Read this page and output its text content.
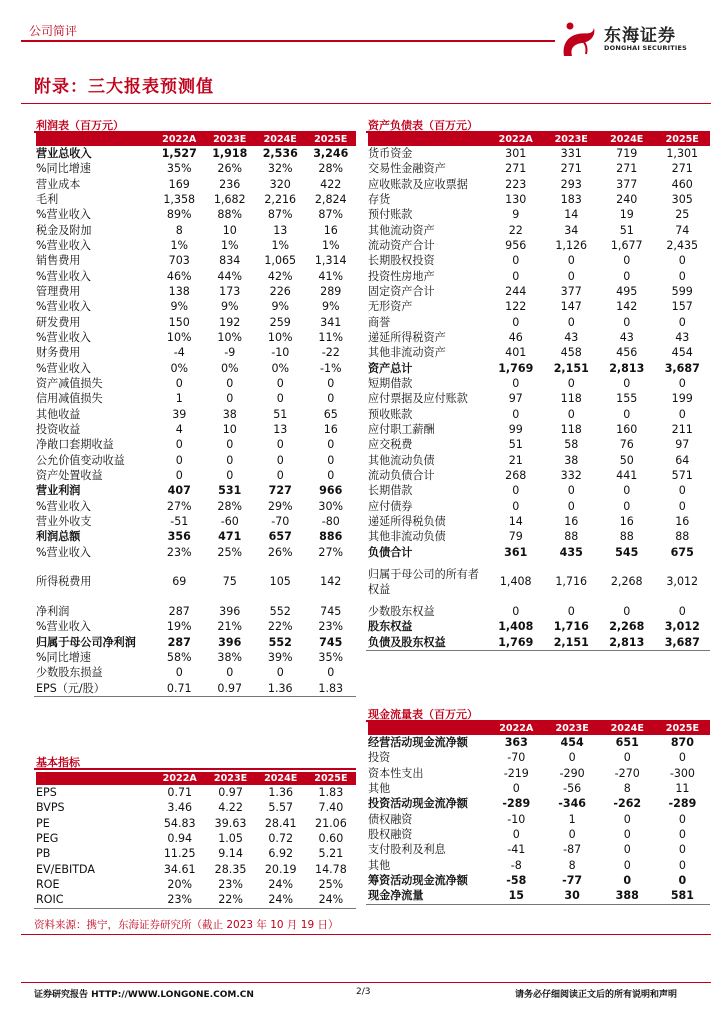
公司简评	东海证券
DONGHAI SECURITIES
附录：三大报表预测值
利润表（百万元）
	2022A	2023E	2024E	2025E
营业总收入	1,527	1,918	2,536	3,246
%同比增速	35%	26%	32%	28%
营业成本	169	236	320	422
毛利	1,358	1,682	2,216	2,824
%营业收入	89%	88%	87%	87%
税金及附加	8	10	13	16
%营业收入	1%	1%	1%	1%
销售费用	703	834	1,065	1,314
%营业收入	46%	44%	42%	41%
管理费用	138	173	226	289
%营业收入	9%	9%	9%	9%
研发费用	150	192	259	341
%营业收入	10%	10%	10%	11%
财务费用	-4	-9	-10	-22
%营业收入	0%	0%	0%	-1%
资产减值损失	0	0	0	0
信用减值损失	1	0	0	0
其他收益	39	38	51	65
投资收益	4	10	13	16
净敞口套期收益	0	0	0	0
公允价值变动收益	0	0	0	0
资产处置收益	0	0	0	0
营业利润	407	531	727	966
%营业收入	27%	28%	29%	30%
营业外收支	-51	-60	-70	-80
利润总额	356	471	657	886
%营业收入	23%	25%	26%	27%
所得税费用	69	75	105	142
净利润	287	396	552	745
%营业收入	19%	21%	22%	23%
归属于母公司净利润	287	396	552	745
%同比增速	58%	38%	39%	35%
少数股东损益	0	0	0	0
EPS（元/股）	0.71	0.97	1.36	1.83
资产负债表（百万元）
	2022A	2023E	2024E	2025E
货币资金	301	331	719	1,301
交易性金融资产	271	271	271	271
应收账款及应收票据	223	293	377	460
存货	130	183	240	305
预付账款	9	14	19	25
其他流动资产	22	34	51	74
流动资产合计	956	1,126	1,677	2,435
长期股权投资	0	0	0	0
投资性房地产	0	0	0	0
固定资产合计	244	377	495	599
无形资产	122	147	142	157
商誉	0	0	0	0
递延所得税资产	46	43	43	43
其他非流动资产	401	458	456	454
资产总计	1,769	2,151	2,813	3,687
短期借款	0	0	0	0
应付票据及应付账款	97	118	155	199
预收账款	0	0	0	0
应付职工薪酬	99	118	160	211
应交税费	51	58	76	97
其他流动负债	21	38	50	64
流动负债合计	268	332	441	571
长期借款	0	0	0	0
应付债券	0	0	0	0
递延所得税负债	14	16	16	16
其他非流动负债	79	88	88	88
负债合计	361	435	545	675
归属于母公司的所有者权益	1,408	1,716	2,268	3,012
少数股东权益	0	0	0	0
股东权益	1,408	1,716	2,268	3,012
负债及股东权益	1,769	2,151	2,813	3,687
基本指标
	2022A	2023E	2024E	2025E
EPS	0.71	0.97	1.36	1.83
BVPS	3.46	4.22	5.57	7.40
PE	54.83	39.63	28.41	21.06
PEG	0.94	1.05	0.72	0.60
PB	11.25	9.14	6.92	5.21
EV/EBITDA	34.61	28.35	20.19	14.78
ROE	20%	23%	24%	25%
ROIC	23%	22%	24%	24%
现金流量表（百万元）
	2022A	2023E	2024E	2025E
经营活动现金流净额	363	454	651	870
投资	-70	0	0	0
资本性支出	-219	-290	-270	-300
其他	0	-56	8	11
投资活动现金流净额	-289	-346	-262	-289
债权融资	-10	1	0	0
股权融资	0	0	0	0
支付股利及利息	-41	-87	0	0
其他	-8	8	0	0
筹资活动现金流净额	-58	-77	0	0
现金净流量	15	30	388	581
资料来源：携宁，东海证券研究所（截止 2023 年 10 月 19 日）
证券研究报告 HTTP://WWW.LONGONE.COM.CN	2/3	请务必仔细阅读正文后的所有说明和声明
